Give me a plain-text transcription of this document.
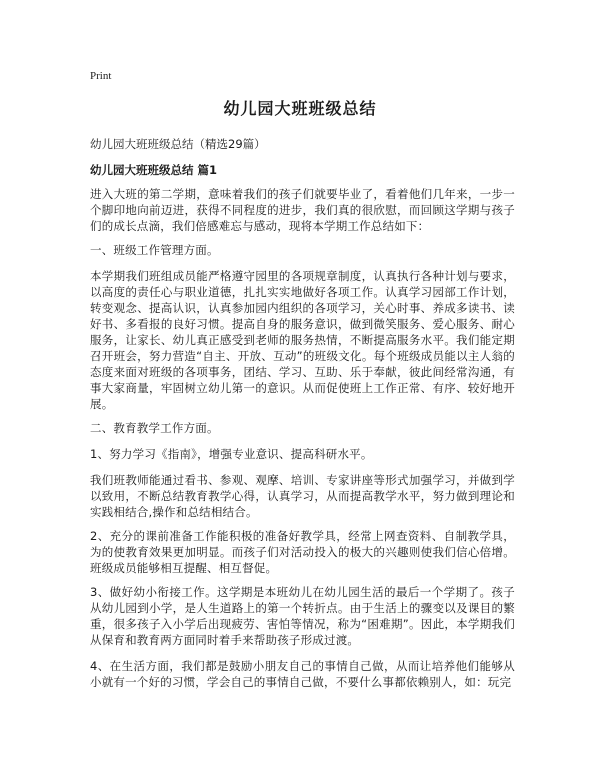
Print
幼儿园大班班级总结
幼儿园大班班级总结（精选29篇）
幼儿园大班班级总结 篇1
进入大班的第二学期，意味着我们的孩子们就要毕业了，看着他们几年来，一步一个脚印地向前迈进，获得不同程度的进步，我们真的很欣慰，而回顾这学期与孩子们的成长点滴，我们倍感难忘与感动，现将本学期工作总结如下：
一、班级工作管理方面。
本学期我们班组成员能严格遵守园里的各项规章制度，认真执行各种计划与要求，以高度的责任心与职业道德，扎扎实实地做好各项工作。认真学习园部工作计划，转变观念、提高认识，认真参加园内组织的各项学习，关心时事、养成多读书、读好书、多看报的良好习惯。提高自身的服务意识，做到微笑服务、爱心服务、耐心服务，让家长、幼儿真正感受到老师的服务热情，不断提高服务水平。我们能定期召开班会，努力营造“自主、开放、互动”的班级文化。每个班级成员能以主人翁的态度来面对班级的各项事务，团结、学习、互助、乐于奉献，彼此间经常沟通，有事大家商量，牢固树立幼儿第一的意识。从而促使班上工作正常、有序、较好地开展。
二、教育教学工作方面。
1、努力学习《指南》，增强专业意识、提高科研水平。
我们班教师能通过看书、参观、观摩、培训、专家讲座等形式加强学习，并做到学以致用，不断总结教育教学心得，认真学习，从而提高教学水平，努力做到理论和实践相结合,操作和总结相结合。
2、充分的课前准备工作能积极的准备好教学具，经常上网查资料、自制教学具，为的使教育效果更加明显。而孩子们对活动投入的极大的兴趣则使我们信心倍增。班级成员能够相互提醒、相互督促。
3、做好幼小衔接工作。这学期是本班幼儿在幼儿园生活的最后一个学期了。孩子从幼儿园到小学，是人生道路上的第一个转折点。由于生活上的骤变以及课目的繁重，很多孩子入小学后出现疲劳、害怕等情况，称为“困难期”。因此，本学期我们从保育和教育两方面同时着手来帮助孩子形成过渡。
4、在生活方面，我们都是鼓励小朋友自己的事情自己做，从而让培养他们能够从小就有一个好的习惯，学会自己的事情自己做，不要什么事都依赖别人，如：玩完
